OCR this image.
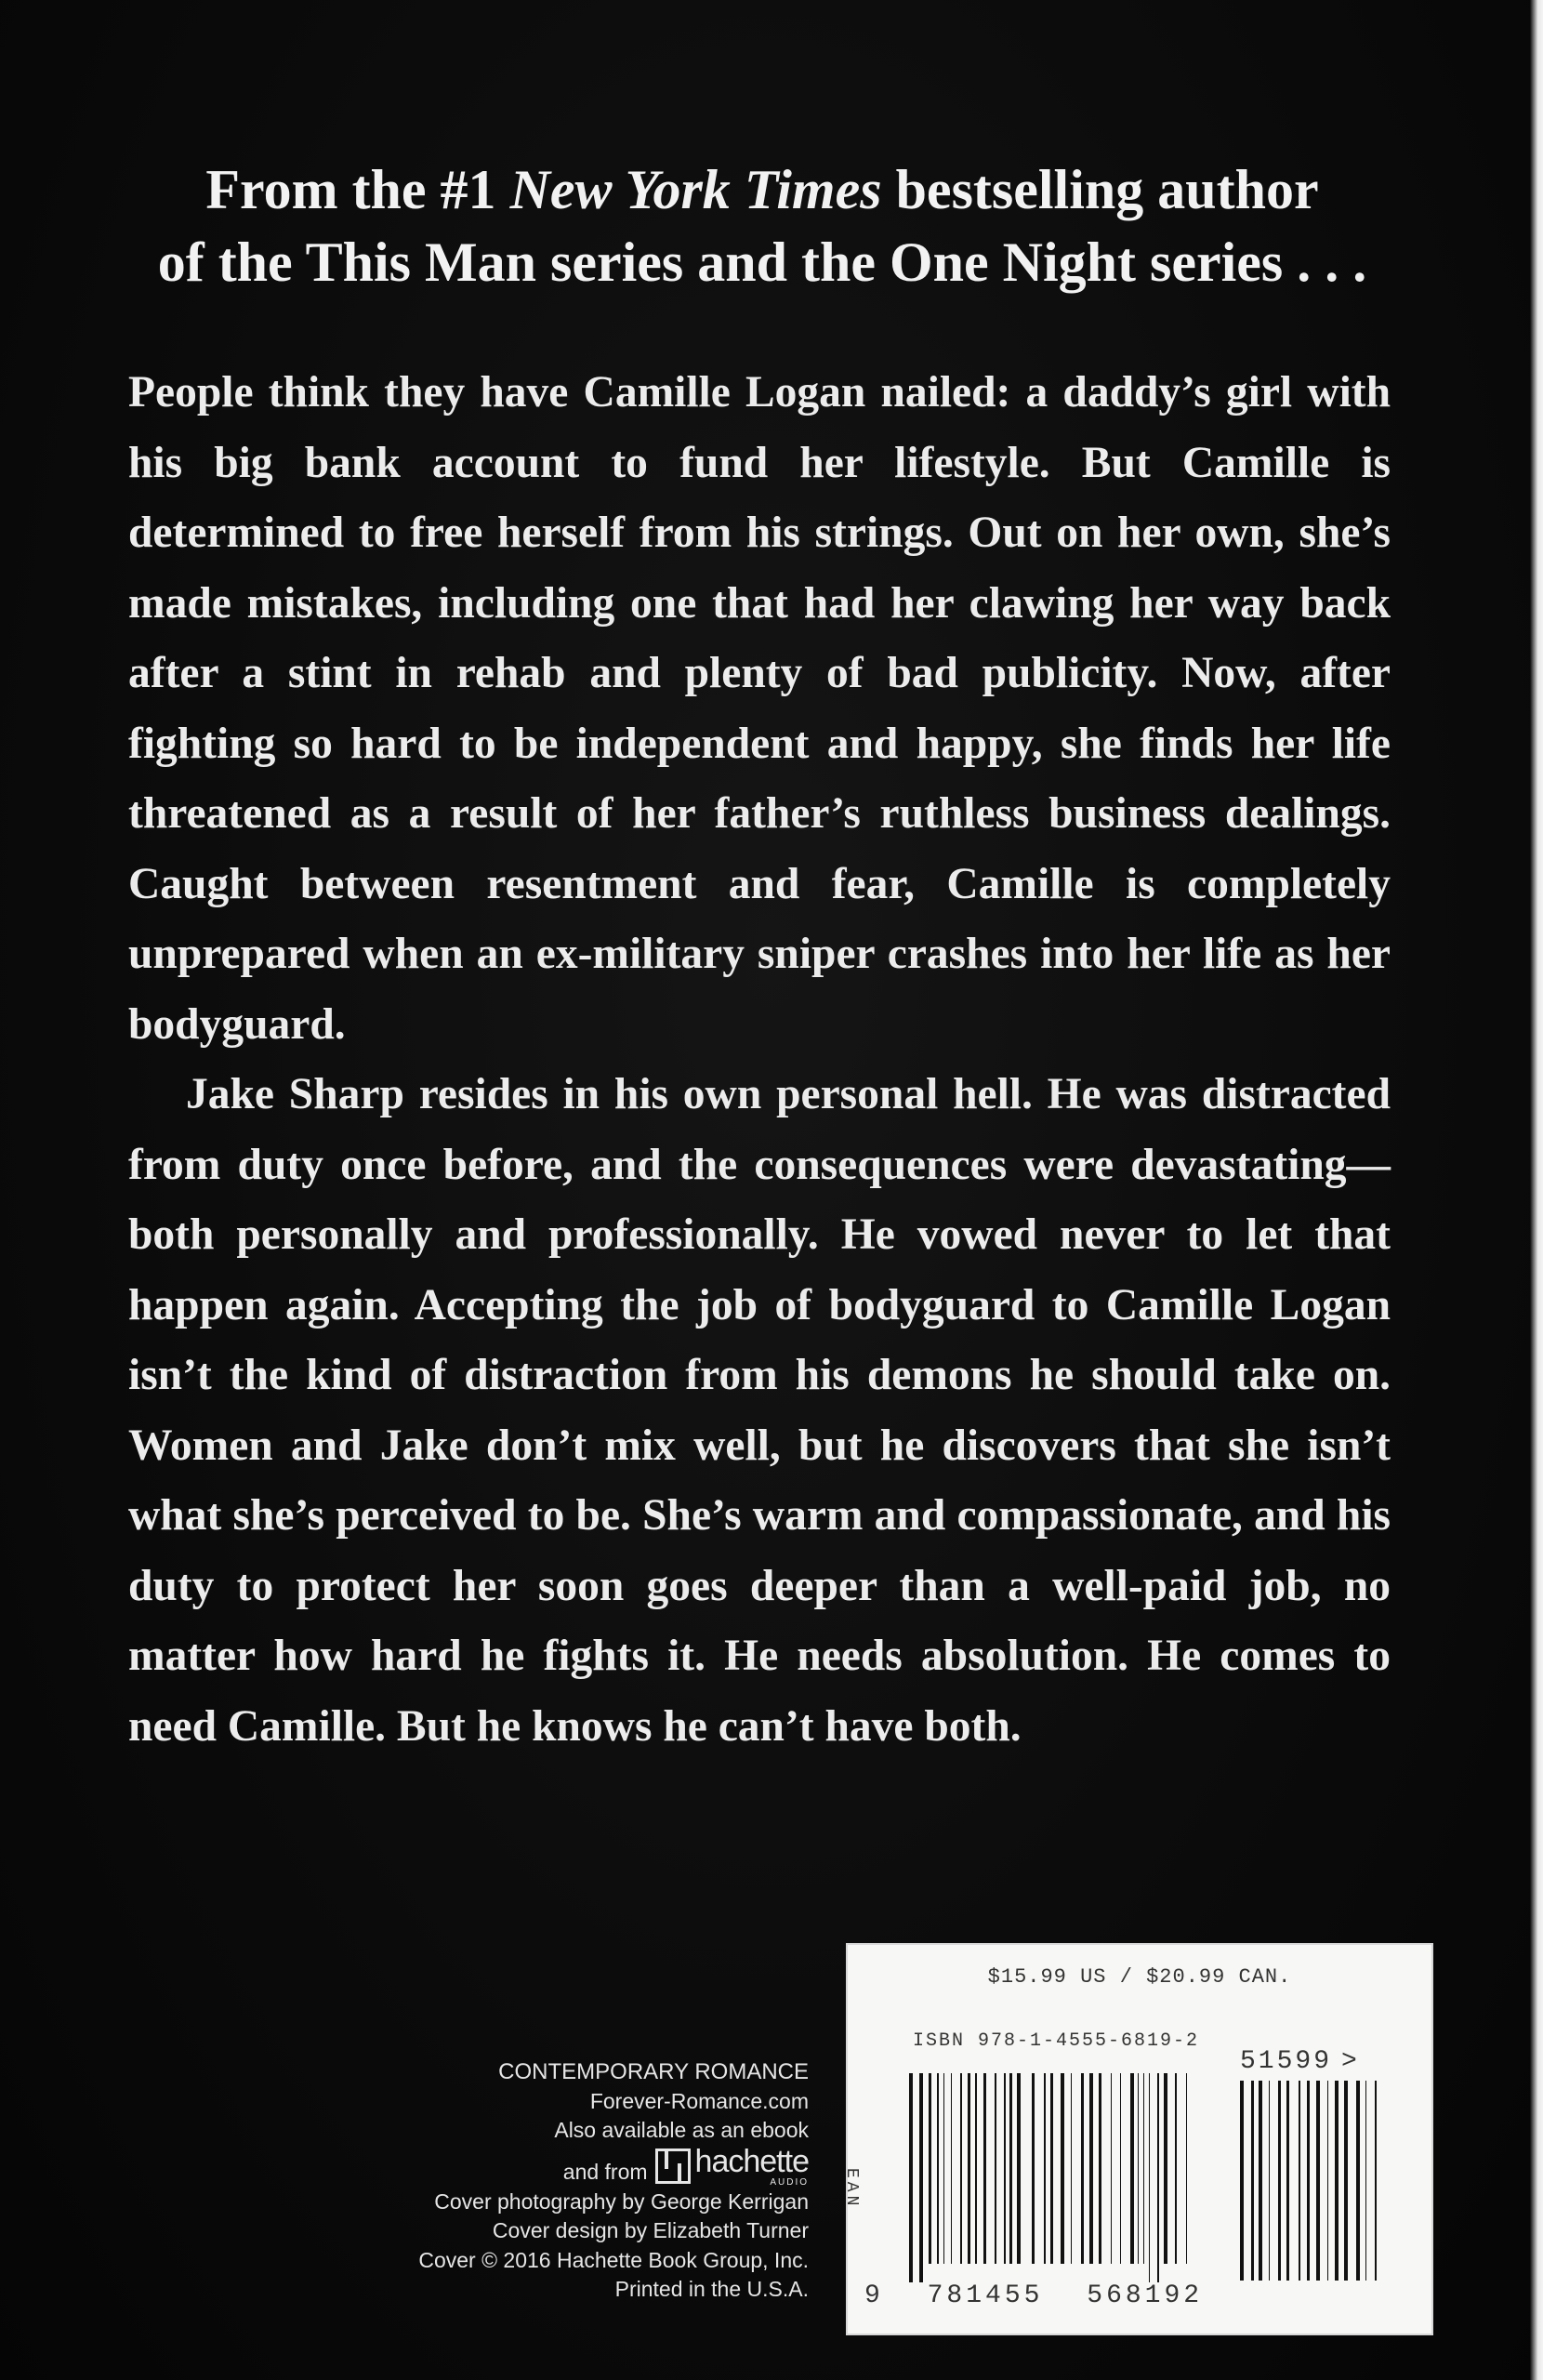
From the #1 New York Times bestselling author
of the This Man series and the One Night series . . .

People think they have Camille Logan nailed: a daddy’s girl with his big bank account to fund her lifestyle. But Camille is determined to free herself from his strings. Out on her own, she’s made mistakes, including one that had her clawing her way back after a stint in rehab and plenty of bad publicity. Now, after fighting so hard to be independent and happy, she finds her life threatened as a result of her father’s ruthless business dealings. Caught between resentment and fear, Camille is completely unprepared when an ex-military sniper crashes into her life as her bodyguard.

Jake Sharp resides in his own personal hell. He was distracted from duty once before, and the consequences were devastating—both personally and professionally. He vowed never to let that happen again. Accepting the job of bodyguard to Camille Logan isn’t the kind of distraction from his demons he should take on. Women and Jake don’t mix well, but he discovers that she isn’t what she’s perceived to be. She’s warm and compassionate, and his duty to protect her soon goes deeper than a well-paid job, no matter how hard he fights it. He needs absolution. He comes to need Camille. But he knows he can’t have both.

CONTEMPORARY ROMANCE
Forever-Romance.com
Also available as an ebook
and from hachette
AUDIO
Cover photography by George Kerrigan
Cover design by Elizabeth Turner
Cover © 2016 Hachette Book Group, Inc.
Printed in the U.S.A.
$15.99 US / $20.99 CAN.
ISBN 978-1-4555-6819-2
51599 >
EAN
9 781455 568192
